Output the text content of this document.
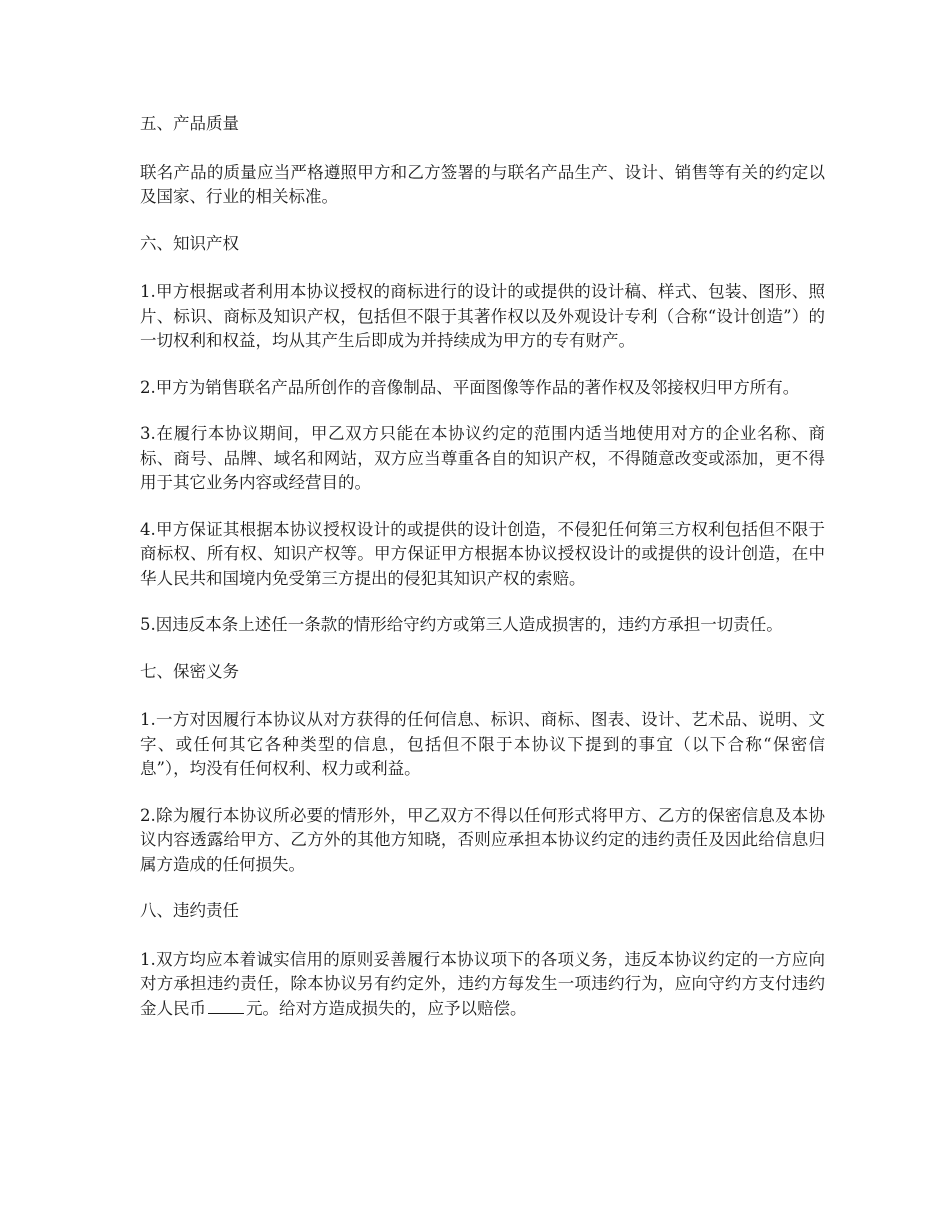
五、产品质量
联名产品的质量应当严格遵照甲方和乙方签署的与联名产品生产、设计、销售等有关的约定以及国家、行业的相关标准。
六、知识产权
1.甲方根据或者利用本协议授权的商标进行的设计的或提供的设计稿、样式、包装、图形、照片、标识、商标及知识产权，包括但不限于其著作权以及外观设计专利（合称“设计创造”）的一切权利和权益，均从其产生后即成为并持续成为甲方的专有财产。
2.甲方为销售联名产品所创作的音像制品、平面图像等作品的著作权及邻接权归甲方所有。
3.在履行本协议期间，甲乙双方只能在本协议约定的范围内适当地使用对方的企业名称、商标、商号、品牌、域名和网站，双方应当尊重各自的知识产权，不得随意改变或添加，更不得用于其它业务内容或经营目的。
4.甲方保证其根据本协议授权设计的或提供的设计创造，不侵犯任何第三方权利包括但不限于商标权、所有权、知识产权等。甲方保证甲方根据本协议授权设计的或提供的设计创造，在中华人民共和国境内免受第三方提出的侵犯其知识产权的索赔。
5.因违反本条上述任一条款的情形给守约方或第三人造成损害的，违约方承担一切责任。
七、保密义务
1.一方对因履行本协议从对方获得的任何信息、标识、商标、图表、设计、艺术品、说明、文字、或任何其它各种类型的信息，包括但不限于本协议下提到的事宜（以下合称“保密信息”），均没有任何权利、权力或利益。
2.除为履行本协议所必要的情形外，甲乙双方不得以任何形式将甲方、乙方的保密信息及本协议内容透露给甲方、乙方外的其他方知晓，否则应承担本协议约定的违约责任及因此给信息归属方造成的任何损失。
八、违约责任
1.双方均应本着诚实信用的原则妥善履行本协议项下的各项义务，违反本协议约定的一方应向对方承担违约责任，除本协议另有约定外，违约方每发生一项违约行为，应向守约方支付违约金人民币 元。给对方造成损失的，应予以赔偿。
